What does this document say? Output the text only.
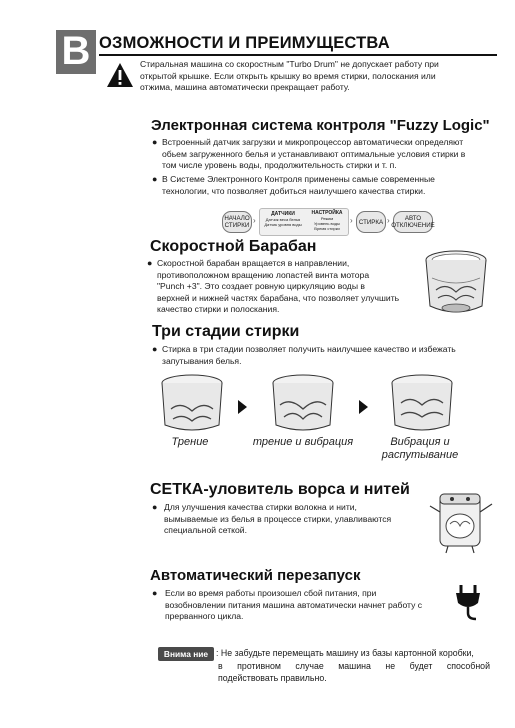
В ОЗМОЖНОСТИ И ПРЕИМУЩЕСТВА
Стиральная машина со скоростным "Turbo Drum" не допускает работу при
открытой крышке. Если открыть крышку во время стирки, полоскания или
отжима, машина автоматически прекращает работу.
Электронная система контроля "Fuzzy Logic"
● Встроенный датчик загрузки и микропроцессор автоматически определяют
обьем загруженного белья и устанавливают оптимальные условия стирки в
том числе уровень воды, продолжительность стирки и т. п.
● В Системе Электронного Контроля применены самые современные
технологии, что позволяет добиться наилучшего качества стирки.
НАЧАЛО
СТИРКИ
›
ДАТЧИКИ
Датчик веса белья
Датчик уровня воды
НАСТРОЙКА
Режим
Уровень воды
Время стирки
› СТИРКА › АВТО
ОТКЛЮЧЕНИЕ
Скоростной Барабан
● Скоростной барабан вращается в направлении,
противоположном вращению лопастей винта мотора
"Punch +3". Это создает ровную циркуляцию воды в
верхней и нижней частях барабана, что позволяет улучшить
качество стирки и полоскания.
Три стадии стирки
● Стирка в три стадии позволяет получить наилучшее качество и избежать
запутывания белья.
Трение	трение и вибрация	Вибрация и
распутывание
СЕТКА-уловитель ворса и нитей
● Для улучшения качества стирки волокна и нити,
вымываемые из белья в процессе стирки, улавливаются
специальной сеткой.
Автоматический перезапуск
● Если во время работы произошел сбой питания, при
возобновлении питания машина автоматически начнет работу с
прерванного цикла.
Внима ние : Не забудьте перемещать машину из базы картонной коробки,
в противном случае машина не будет способной
подействовать правильно.
